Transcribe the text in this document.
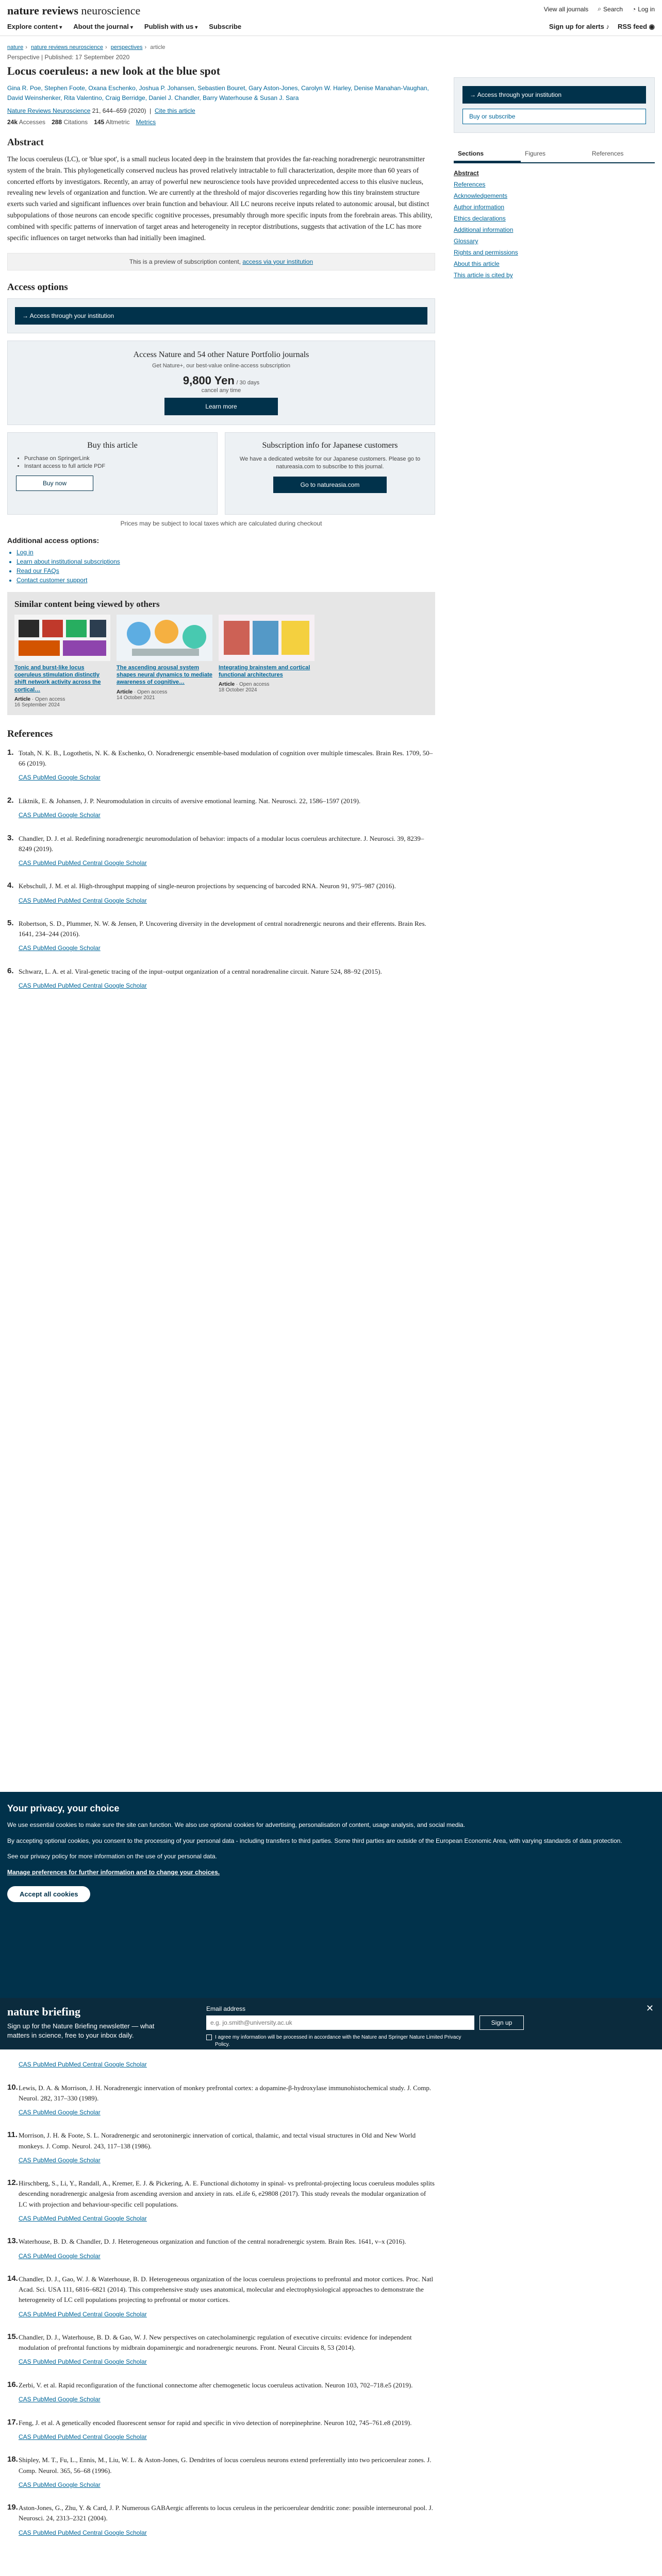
nature reviews neuroscience	View all journals ⌕ Search ◔ Log in
Explore content ▾ About the journal ▾ Publish with us ▾ Subscribe	Sign up for alerts ♪ RSS feed ◉
nature › nature reviews neuroscience › perspectives › article
Perspective | Published: 17 September 2020
Locus coeruleus: a new look at the blue spot
Gina R. Poe, Stephen Foote, Oxana Eschenko, Joshua P. Johansen, Sebastien Bouret, Gary Aston-Jones, Carolyn W. Harley, Denise Manahan-Vaughan, David Weinshenker, Rita Valentino, Craig Berridge, Daniel J. Chandler, Barry Waterhouse & Susan J. Sara
Nature Reviews Neuroscience 21, 644–659 (2020)  |  Cite this article
24k Accesses 288 Citations 145 Altmetric Metrics
Abstract

The locus coeruleus (LC), or 'blue spot', is a small nucleus located deep in the brainstem that provides the far-reaching noradrenergic neurotransmitter system of the brain. This phylogenetically conserved nucleus has proved relatively intractable to full characterization, despite more than 60 years of concerted efforts by investigators. Recently, an array of powerful new neuroscience tools have provided unprecedented access to this elusive nucleus, revealing new levels of organization and function. We are currently at the threshold of major discoveries regarding how this tiny brainstem structure exerts such varied and significant influences over brain function and behaviour. All LC neurons receive inputs related to autonomic arousal, but distinct subpopulations of those neurons can encode specific cognitive processes, presumably through more specific inputs from the forebrain areas. This ability, combined with specific patterns of innervation of target areas and heterogeneity in receptor distributions, suggests that activation of the LC has more specific influences on target networks than had initially been imagined.

This is a preview of subscription content, access via your institution
Access options
→ Access through your institution
Access Nature and 54 other Nature Portfolio journals
Get Nature+, our best-value online-access subscription
9,800 Yen / 30 days
cancel any time
Learn more
Buy this article
• Purchase on SpringerLink
• Instant access to full article PDF
Buy now
Subscription info for Japanese customers
We have a dedicated website for our Japanese customers. Please go to natureasia.com to subscribe to this journal.
Go to natureasia.com
Prices may be subject to local taxes which are calculated during checkout
Additional access options:
• Log in
• Learn about institutional subscriptions
• Read our FAQs
• Contact customer support
Similar content being viewed by others
Tonic and burst-like locus coeruleus stimulation distinctly shift network activity across the cortical…
Article · Open access
16 September 2024
The ascending arousal system shapes neural dynamics to mediate awareness of cognitive…
Article · Open access
14 October 2021
Integrating brainstem and cortical functional architectures
Article · Open access
18 October 2024
References
1. Totah, N. K. B., Logothetis, N. K. & Eschenko, O. Noradrenergic ensemble-based modulation of cognition over multiple timescales. Brain Res. 1709, 50–66 (2019).
CAS PubMed Google Scholar
2. Liktnik, E. & Johansen, J. P. Neuromodulation in circuits of aversive emotional learning. Nat. Neurosci. 22, 1586–1597 (2019).
CAS PubMed Google Scholar
3. Chandler, D. J. et al. Redefining noradrenergic neuromodulation of behavior: impacts of a modular locus coeruleus architecture. J. Neurosci. 39, 8239–8249 (2019).
CAS PubMed PubMed Central Google Scholar
4. Kebschull, J. M. et al. High-throughput mapping of single-neuron projections by sequencing of barcoded RNA. Neuron 91, 975–987 (2016).
CAS PubMed PubMed Central Google Scholar
5. Robertson, S. D., Plummer, N. W. & Jensen, P. Uncovering diversity in the development of central noradrenergic neurons and their efferents. Brain Res. 1641, 234–244 (2016).
CAS PubMed Google Scholar
6. Schwarz, L. A. et al. Viral-genetic tracing of the input–output organization of a central noradrenaline circuit. Nature 524, 88–92 (2015).
CAS PubMed PubMed Central Google Scholar
→ Access through your institution
Buy or subscribe
Sections	Figures	References
Abstract
References
Acknowledgements
Author information
Ethics declarations
Additional information
Glossary
Rights and permissions
About this article
This article is cited by
Your privacy, your choice

We use essential cookies to make sure the site can function. We also use optional cookies for advertising, personalisation of content, usage analysis, and social media.

By accepting optional cookies, you consent to the processing of your personal data - including transfers to third parties. Some third parties are outside of the European Economic Area, with varying standards of data protection.

See our privacy policy for more information on the use of your personal data.

Manage preferences for further information and to change your choices.

Accept all cookies
nature briefing
Sign up for the Nature Briefing newsletter — what matters in science, free to your inbox daily.
Email address
e.g. jo.smith@university.ac.uk
Sign up
I agree my information will be processed in accordance with the Nature and Springer Nature Limited Privacy Policy.
✕
CAS PubMed PubMed Central Google Scholar
10. Lewis, D. A. & Morrison, J. H. Noradrenergic innervation of monkey prefrontal cortex: a dopamine-β-hydroxylase immunohistochemical study. J. Comp. Neurol. 282, 317–330 (1989).
CAS PubMed Google Scholar
11. Morrison, J. H. & Foote, S. L. Noradrenergic and serotoninergic innervation of cortical, thalamic, and tectal visual structures in Old and New World monkeys. J. Comp. Neurol. 243, 117–138 (1986).
CAS PubMed Google Scholar
12. Hirschberg, S., Li, Y., Randall, A., Kremer, E. J. & Pickering, A. E. Functional dichotomy in spinal- vs prefrontal-projecting locus coeruleus modules splits descending noradrenergic analgesia from ascending aversion and anxiety in rats. eLife 6, e29808 (2017). This study reveals the modular organization of LC with projection and behaviour-specific cell populations.
CAS PubMed PubMed Central Google Scholar
13. Waterhouse, B. D. & Chandler, D. J. Heterogeneous organization and function of the central noradrenergic system. Brain Res. 1641, v–x (2016).
CAS PubMed Google Scholar
14. Chandler, D. J., Gao, W. J. & Waterhouse, B. D. Heterogeneous organization of the locus coeruleus projections to prefrontal and motor cortices. Proc. Natl Acad. Sci. USA 111, 6816–6821 (2014). This comprehensive study uses anatomical, molecular and electrophysiological approaches to demonstrate the heterogeneity of LC cell populations projecting to prefrontal or motor cortices.
CAS PubMed PubMed Central Google Scholar
15. Chandler, D. J., Waterhouse, B. D. & Gao, W. J. New perspectives on catecholaminergic regulation of executive circuits: evidence for independent modulation of prefrontal functions by midbrain dopaminergic and noradrenergic neurons. Front. Neural Circuits 8, 53 (2014).
CAS PubMed PubMed Central Google Scholar
16. Zerbi, V. et al. Rapid reconfiguration of the functional connectome after chemogenetic locus coeruleus activation. Neuron 103, 702–718.e5 (2019).
CAS PubMed Google Scholar
17. Feng, J. et al. A genetically encoded fluorescent sensor for rapid and specific in vivo detection of norepinephrine. Neuron 102, 745–761.e8 (2019).
CAS PubMed PubMed Central Google Scholar
18. Shipley, M. T., Fu, L., Ennis, M., Liu, W. L. & Aston-Jones, G. Dendrites of locus coeruleus neurons extend preferentially into two pericoerulear zones. J. Comp. Neurol. 365, 56–68 (1996).
CAS PubMed Google Scholar
19. Aston-Jones, G., Zhu, Y. & Card, J. P. Numerous GABAergic afferents to locus ceruleus in the pericoerulear dendritic zone: possible interneuronal pool. J. Neurosci. 24, 2313–2321 (2004).
CAS PubMed PubMed Central Google Scholar
